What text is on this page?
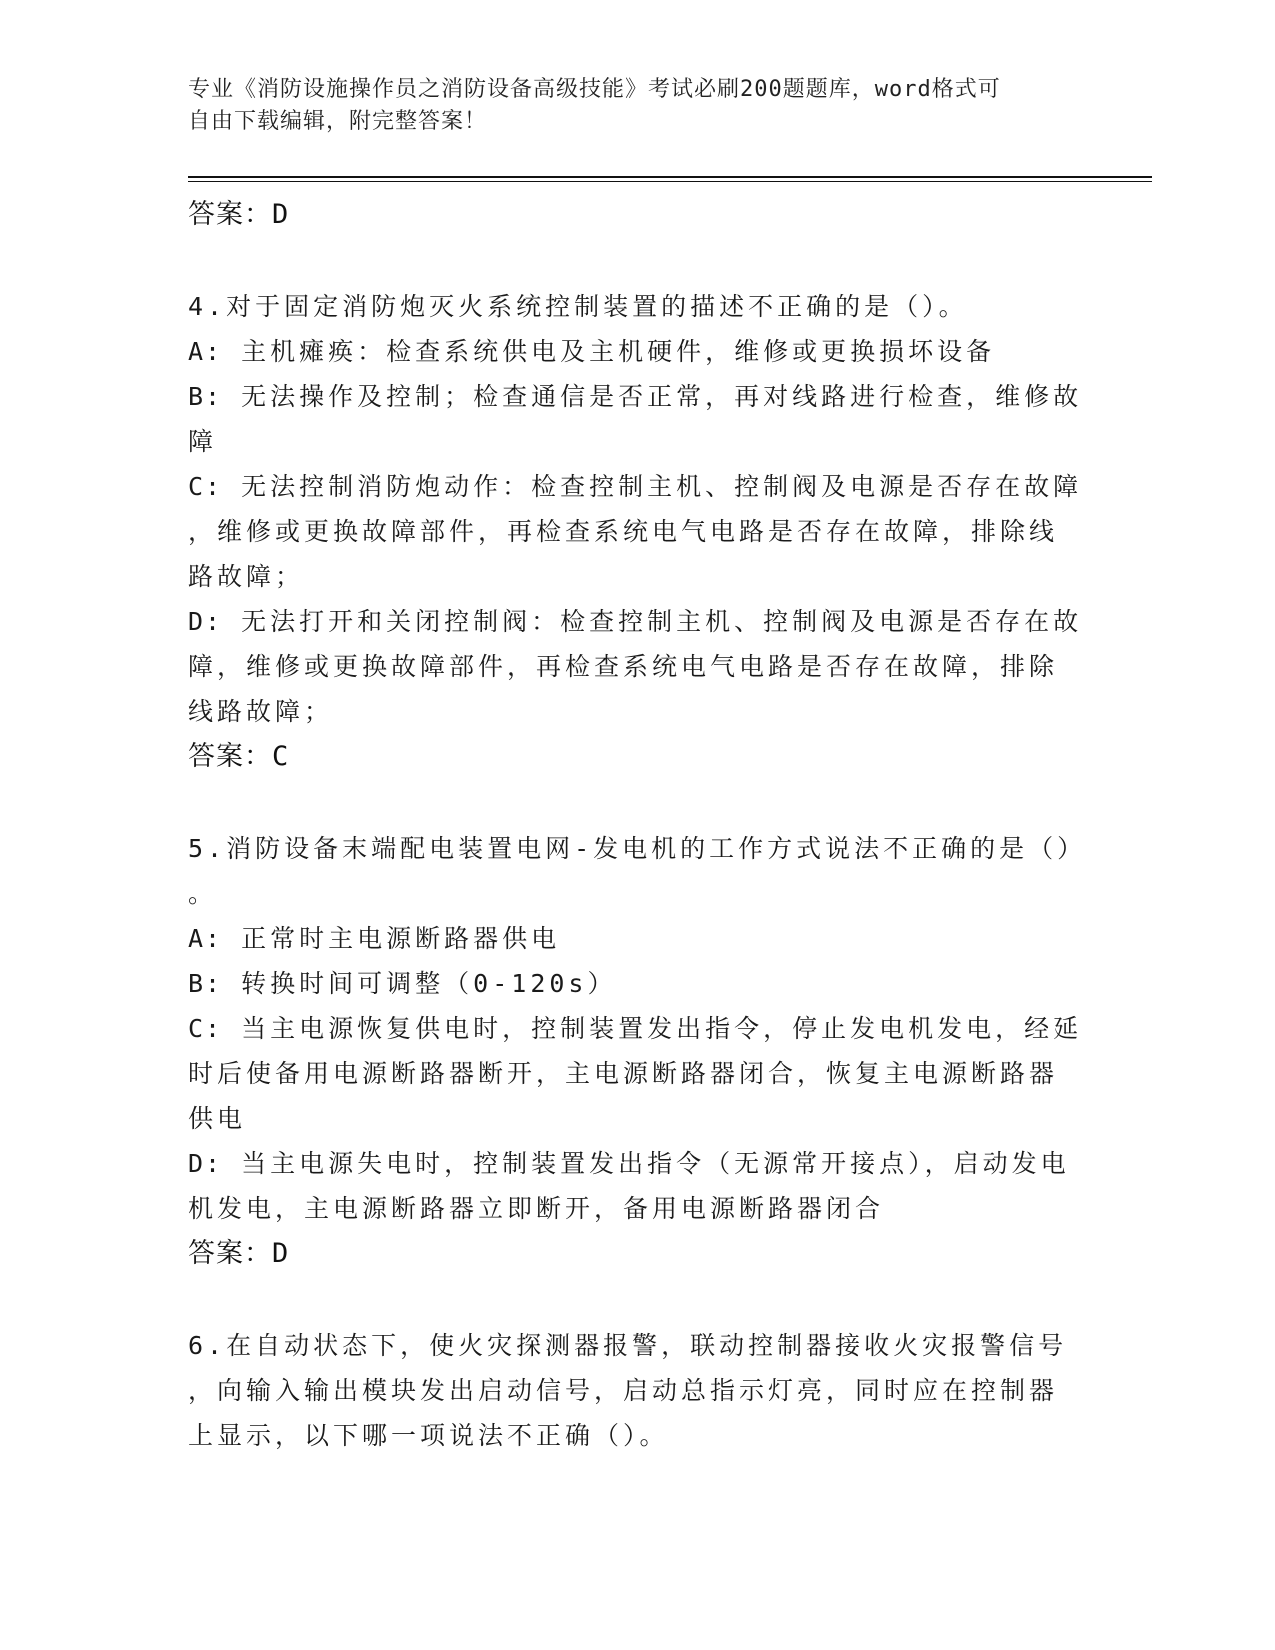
专业《消防设施操作员之消防设备高级技能》考试必刷200题题库，word格式可
自由下载编辑，附完整答案！
答案：D
4.对于固定消防炮灭火系统控制装置的描述不正确的是（）。
A: 主机瘫痪：检查系统供电及主机硬件，维修或更换损坏设备
B: 无法操作及控制；检查通信是否正常，再对线路进行检查，维修故
障
C: 无法控制消防炮动作：检查控制主机、控制阀及电源是否存在故障
，维修或更换故障部件，再检查系统电气电路是否存在故障，排除线
路故障；
D: 无法打开和关闭控制阀：检查控制主机、控制阀及电源是否存在故
障，维修或更换故障部件，再检查系统电气电路是否存在故障，排除
线路故障；
答案：C
5.消防设备末端配电装置电网-发电机的工作方式说法不正确的是（）
。
A: 正常时主电源断路器供电
B: 转换时间可调整（0-120s）
C: 当主电源恢复供电时，控制装置发出指令，停止发电机发电，经延
时后使备用电源断路器断开，主电源断路器闭合，恢复主电源断路器
供电
D: 当主电源失电时，控制装置发出指令（无源常开接点），启动发电
机发电，主电源断路器立即断开，备用电源断路器闭合
答案：D
6.在自动状态下，使火灾探测器报警，联动控制器接收火灾报警信号
，向输入输出模块发出启动信号，启动总指示灯亮，同时应在控制器
上显示，以下哪一项说法不正确（）。
